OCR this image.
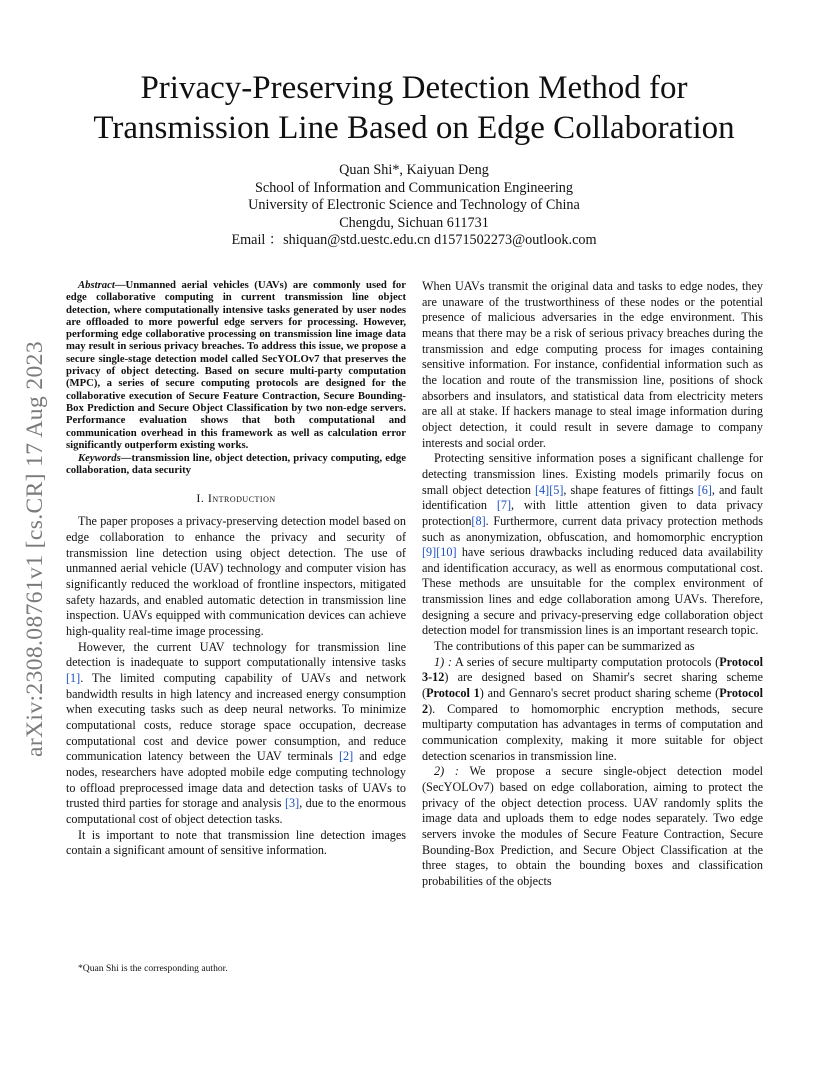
Privacy-Preserving Detection Method for
Transmission Line Based on Edge Collaboration
Quan Shi*, Kaiyuan Deng
School of Information and Communication Engineering
University of Electronic Science and Technology of China
Chengdu, Sichuan 611731
Email ：shiquan@std.uestc.edu.cn d1571502273@outlook.com
arXiv:2308.08761v1 [cs.CR] 17 Aug 2023

Abstract—Unmanned aerial vehicles (UAVs) are commonly used for edge collaborative computing in current transmission line object detection, where computationally intensive tasks generated by user nodes are offloaded to more powerful edge servers for processing. However, performing edge collaborative processing on transmission line image data may result in serious privacy breaches. To address this issue, we propose a secure single-stage detection model called SecYOLOv7 that preserves the privacy of object detecting. Based on secure multi-party computation (MPC), a series of secure computing protocols are designed for the collaborative execution of Secure Feature Contraction, Secure Bounding-Box Prediction and Secure Object Classification by two non-edge servers. Performance evaluation shows that both computational and communication overhead in this framework as well as calculation error significantly outperform existing works.

Keywords—transmission line, object detection, privacy computing, edge collaboration, data security

I. Introduction

The paper proposes a privacy-preserving detection model based on edge collaboration to enhance the privacy and security of transmission line detection using object detection. The use of unmanned aerial vehicle (UAV) technology and computer vision has significantly reduced the workload of frontline inspectors, mitigated safety hazards, and enabled automatic detection in transmission line inspection. UAVs equipped with communication devices can achieve high-quality real-time image processing.

However, the current UAV technology for transmission line detection is inadequate to support computationally intensive tasks [1]. The limited computing capability of UAVs and network bandwidth results in high latency and increased energy consumption when executing tasks such as deep neural networks. To minimize computational costs, reduce storage space occupation, decrease computational cost and device power consumption, and reduce communication latency between the UAV terminals [2] and edge nodes, researchers have adopted mobile edge computing technology to offload preprocessed image data and detection tasks of UAVs to trusted third parties for storage and analysis [3], due to the enormous computational cost of object detection tasks.

It is important to note that transmission line detection images contain a significant amount of sensitive information.

*Quan Shi is the corresponding author.

When UAVs transmit the original data and tasks to edge nodes, they are unaware of the trustworthiness of these nodes or the potential presence of malicious adversaries in the edge environment. This means that there may be a risk of serious privacy breaches during the transmission and edge computing process for images containing sensitive information. For instance, confidential information such as the location and route of the transmission line, positions of shock absorbers and insulators, and statistical data from electricity meters are all at stake. If hackers manage to steal image information during object detection, it could result in severe damage to company interests and social order.

Protecting sensitive information poses a significant challenge for detecting transmission lines. Existing models primarily focus on small object detection [4][5], shape features of fittings [6], and fault identification [7], with little attention given to data privacy protection[8]. Furthermore, current data privacy protection methods such as anonymization, obfuscation, and homomorphic encryption [9][10] have serious drawbacks including reduced data availability and identification accuracy, as well as enormous computational cost. These methods are unsuitable for the complex environment of transmission lines and edge collaboration among UAVs. Therefore, designing a secure and privacy-preserving edge collaboration object detection model for transmission lines is an important research topic.

The contributions of this paper can be summarized as

1) : A series of secure multiparty computation protocols (Protocol 3-12) are designed based on Shamir's secret sharing scheme (Protocol 1) and Gennaro's secret product sharing scheme (Protocol 2). Compared to homomorphic encryption methods, secure multiparty computation has advantages in terms of computation and communication complexity, making it more suitable for object detection scenarios in transmission line.

2) : We propose a secure single-object detection model (SecYOLOv7) based on edge collaboration, aiming to protect the privacy of the object detection process. UAV randomly splits the image data and uploads them to edge nodes separately. Two edge servers invoke the modules of Secure Feature Contraction, Secure Bounding-Box Prediction, and Secure Object Classification at the three stages, to obtain the bounding boxes and classification probabilities of the objects
